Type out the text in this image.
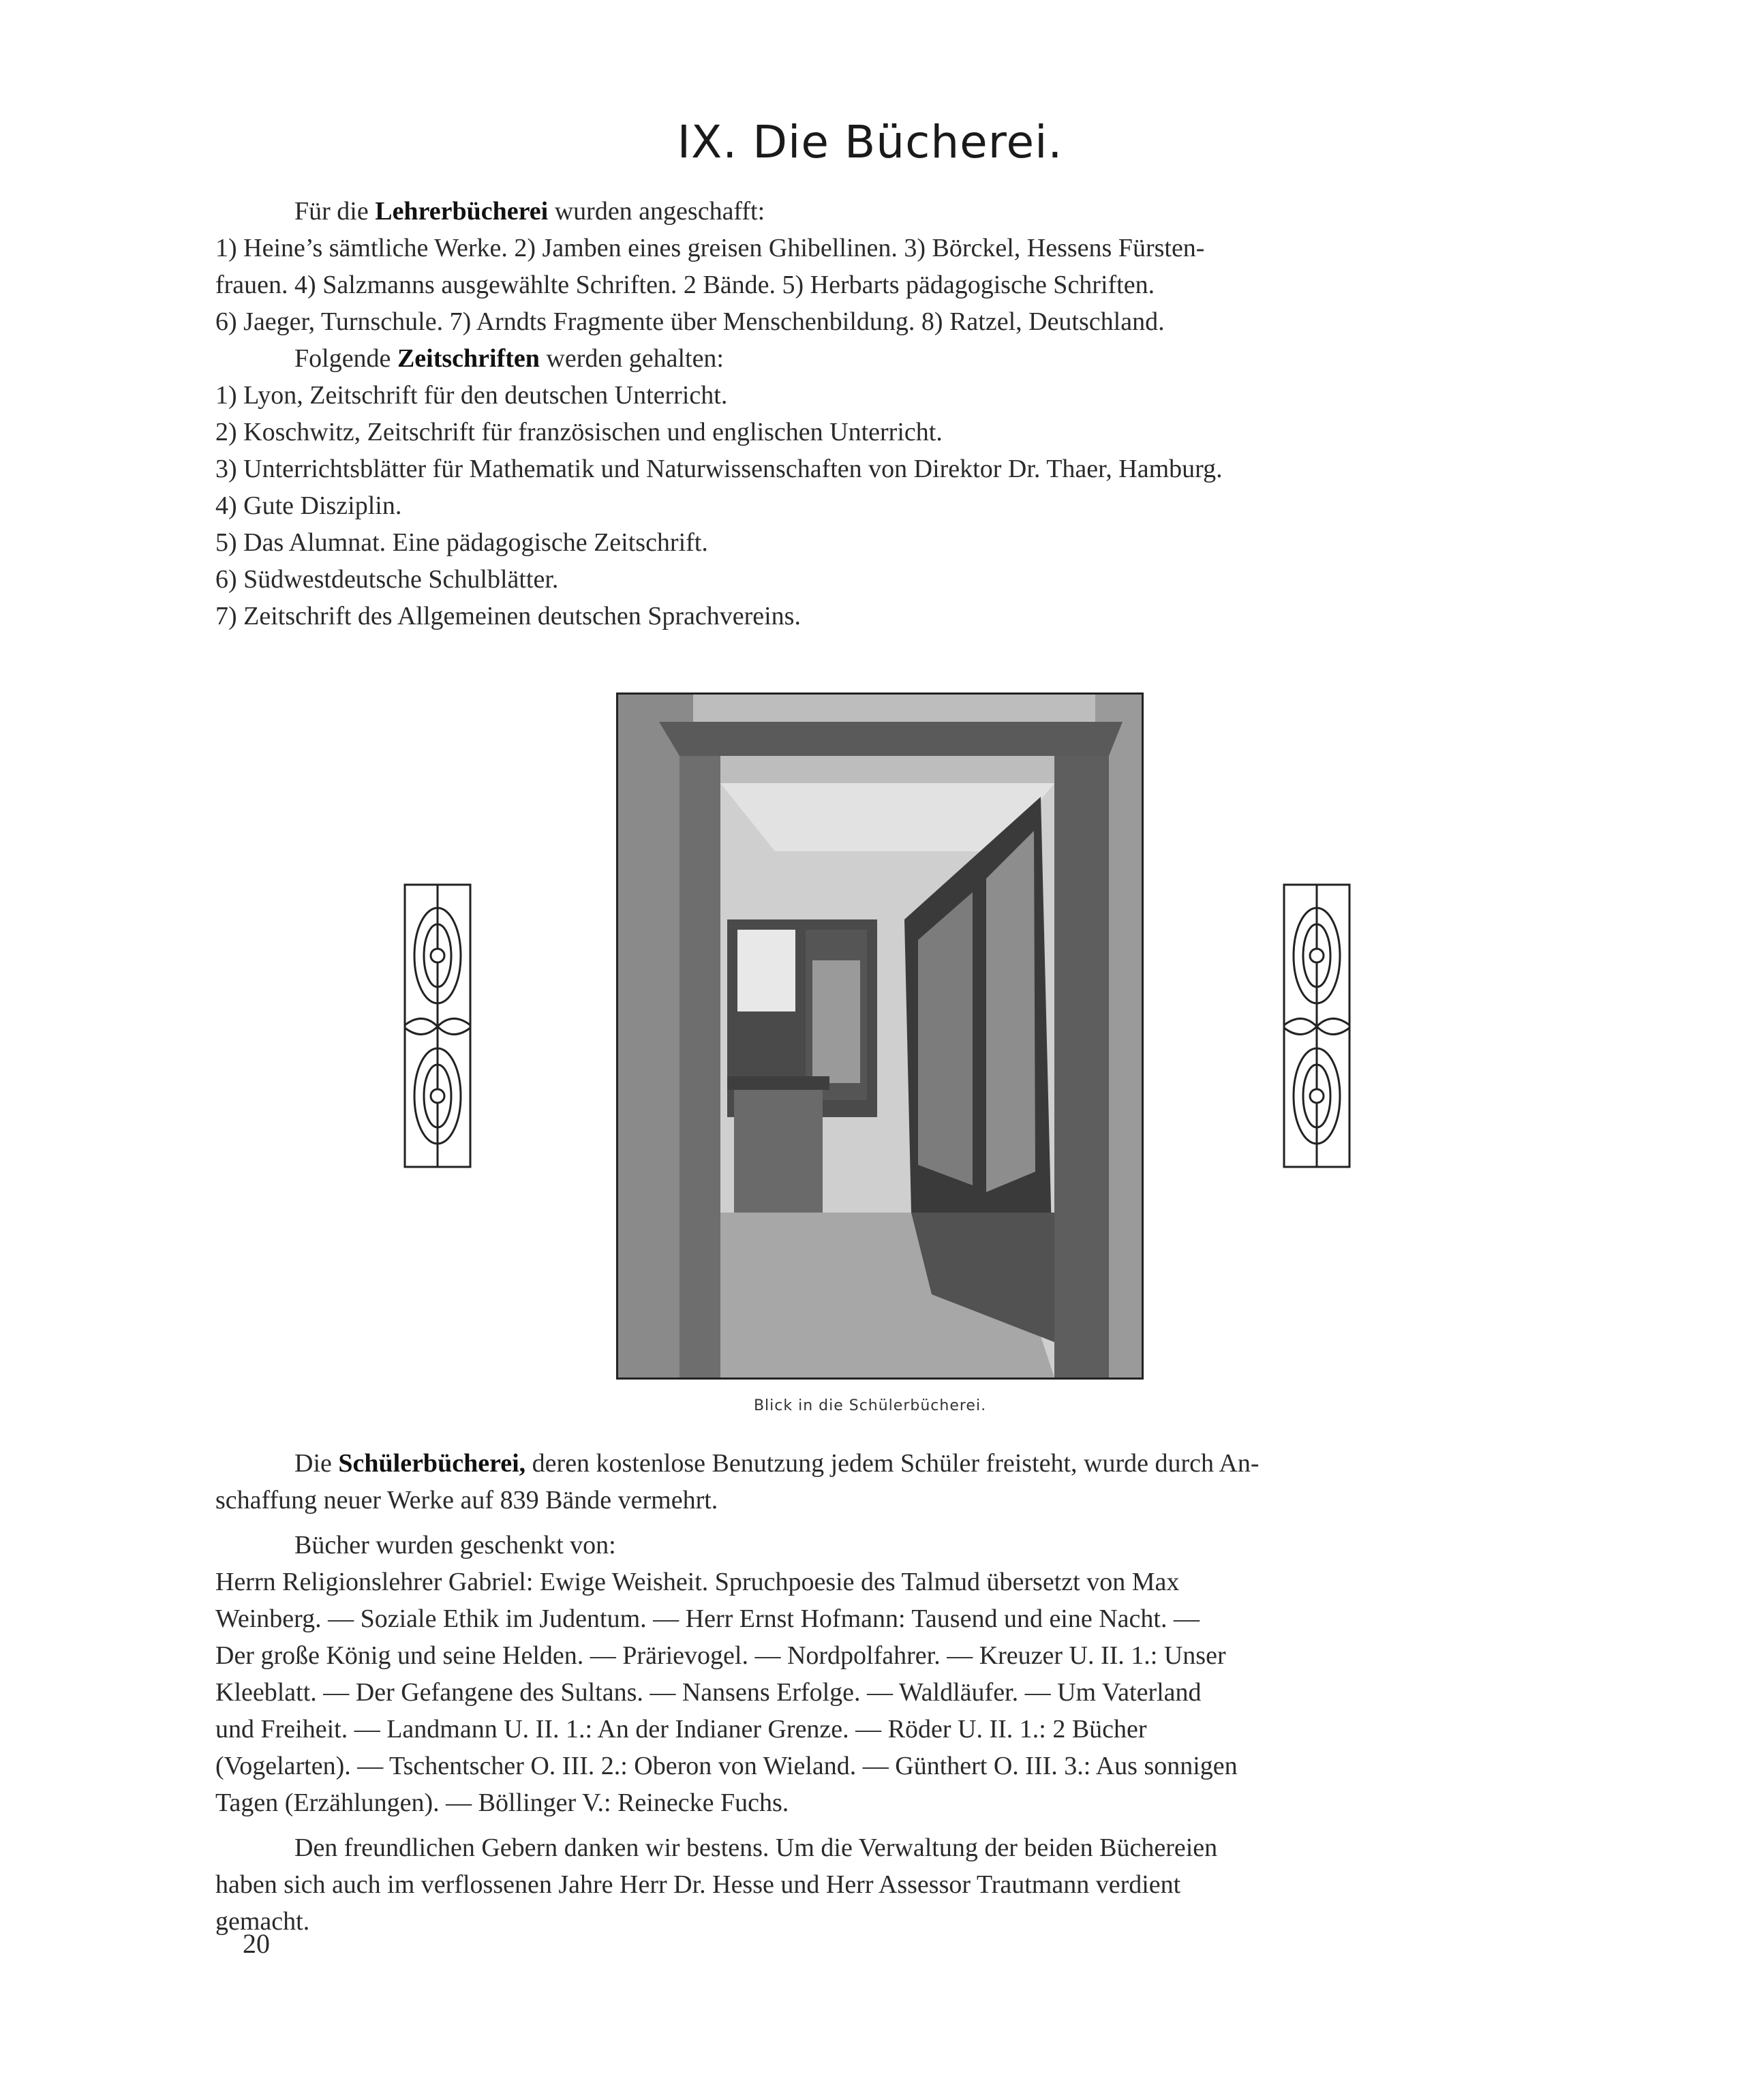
IX. Die Bücherei.

Für die Lehrerbücherei wurden angeschafft:

1) Heine’s sämtliche Werke. 2) Jamben eines greisen Ghibellinen. 3) Börckel, Hessens Fürsten-
frauen. 4) Salzmanns ausgewählte Schriften. 2 Bände. 5) Herbarts pädagogische Schriften.
6) Jaeger, Turnschule. 7) Arndts Fragmente über Menschenbildung. 8) Ratzel, Deutschland.

Folgende Zeitschriften werden gehalten:

1) Lyon, Zeitschrift für den deutschen Unterricht.
2) Koschwitz, Zeitschrift für französischen und englischen Unterricht.
3) Unterrichtsblätter für Mathematik und Naturwissenschaften von Direktor Dr. Thaer, Hamburg.
4) Gute Disziplin.
5) Das Alumnat. Eine pädagogische Zeitschrift.
6) Südwestdeutsche Schulblätter.
7) Zeitschrift des Allgemeinen deutschen Sprachvereins.
Blick in die Schülerbücherei.
Die Schülerbücherei, deren kostenlose Benutzung jedem Schüler freisteht, wurde durch An-
schaffung neuer Werke auf 839 Bände vermehrt.

Bücher wurden geschenkt von:

Herrn Religionslehrer Gabriel: Ewige Weisheit. Spruchpoesie des Talmud übersetzt von Max
Weinberg. — Soziale Ethik im Judentum. — Herr Ernst Hofmann: Tausend und eine Nacht. —
Der große König und seine Helden. — Prärievogel. — Nordpolfahrer. — Kreuzer U. II. 1.: Unser
Kleeblatt. — Der Gefangene des Sultans. — Nansens Erfolge. — Waldläufer. — Um Vaterland
und Freiheit. — Landmann U. II. 1.: An der Indianer Grenze. — Röder U. II. 1.: 2 Bücher
(Vogelarten). — Tschentscher O. III. 2.: Oberon von Wieland. — Günthert O. III. 3.: Aus sonnigen
Tagen (Erzählungen). — Böllinger V.: Reinecke Fuchs.
Den freundlichen Gebern danken wir bestens. Um die Verwaltung der beiden Büchereien
haben sich auch im verflossenen Jahre Herr Dr. Hesse und Herr Assessor Trautmann verdient
gemacht.
20
